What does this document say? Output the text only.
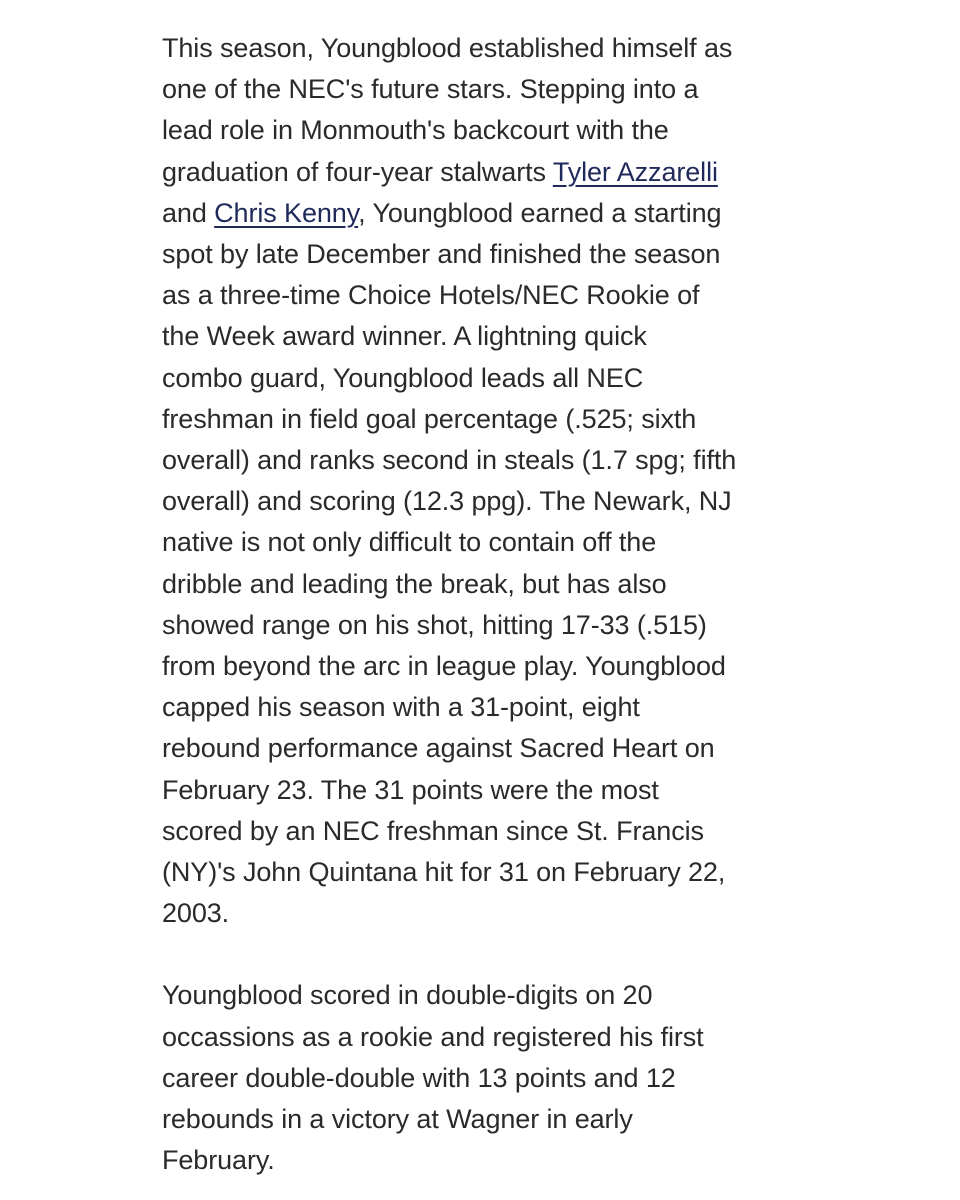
This season, Youngblood established himself as
one of the NEC's future stars. Stepping into a
lead role in Monmouth's backcourt with the
graduation of four-year stalwarts Tyler Azzarelli
and Chris Kenny, Youngblood earned a starting
spot by late December and finished the season
as a three-time Choice Hotels/NEC Rookie of
the Week award winner. A lightning quick
combo guard, Youngblood leads all NEC
freshman in field goal percentage (.525; sixth
overall) and ranks second in steals (1.7 spg; fifth
overall) and scoring (12.3 ppg). The Newark, NJ
native is not only difficult to contain off the
dribble and leading the break, but has also
showed range on his shot, hitting 17-33 (.515)
from beyond the arc in league play. Youngblood
capped his season with a 31-point, eight
rebound performance against Sacred Heart on
February 23. The 31 points were the most
scored by an NEC freshman since St. Francis
(NY)'s John Quintana hit for 31 on February 22,
2003.
Youngblood scored in double-digits on 20
occassions as a rookie and registered his first
career double-double with 13 points and 12
rebounds in a victory at Wagner in early
February.
